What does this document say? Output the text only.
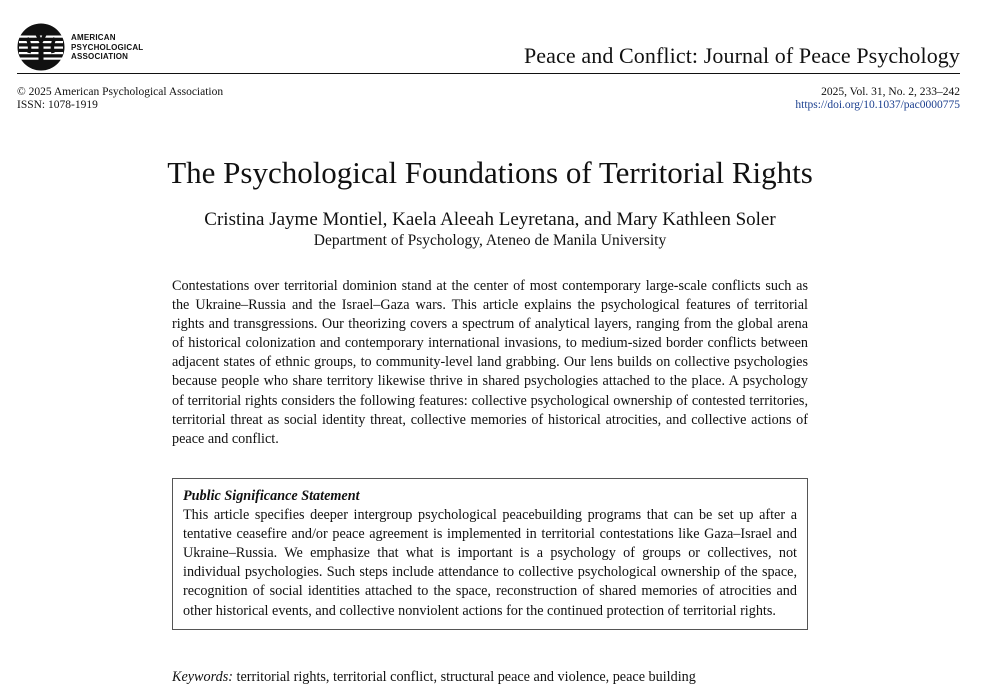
AMERICAN
PSYCHOLOGICAL
ASSOCIATION	Peace and Conflict: Journal of Peace Psychology
© 2025 American Psychological Association
ISSN: 1078-1919
2025, Vol. 31, No. 2, 233–242
https://doi.org/10.1037/pac0000775
The Psychological Foundations of Territorial Rights
Cristina Jayme Montiel, Kaela Aleeah Leyretana, and Mary Kathleen Soler
Department of Psychology, Ateneo de Manila University
Contestations over territorial dominion stand at the center of most contemporary large-scale conflicts such as the Ukraine–Russia and the Israel–Gaza wars. This article explains the psychological features of territorial rights and transgressions. Our theorizing covers a spectrum of analytical layers, ranging from the global arena of historical colonization and contemporary international invasions, to medium-sized border conflicts between adjacent states of ethnic groups, to community-level land grabbing. Our lens builds on collective psychologies because people who share territory likewise thrive in shared psychologies attached to the place. A psychology of territorial rights considers the following features: collective psychological ownership of contested territories, territorial threat as social identity threat, collective memories of historical atrocities, and collective actions of peace and conflict.
Public Significance Statement
This article specifies deeper intergroup psychological peacebuilding programs that can be set up after a tentative ceasefire and/or peace agreement is implemented in territorial contestations like Gaza–Israel and Ukraine–Russia. We emphasize that what is important is a psychology of groups or collectives, not individual psychologies. Such steps include attendance to collective psychological ownership of the space, recognition of social identities attached to the space, reconstruction of shared memories of atrocities and other historical events, and collective nonviolent actions for the continued protection of territorial rights.
Keywords: territorial rights, territorial conflict, structural peace and violence, peace building
